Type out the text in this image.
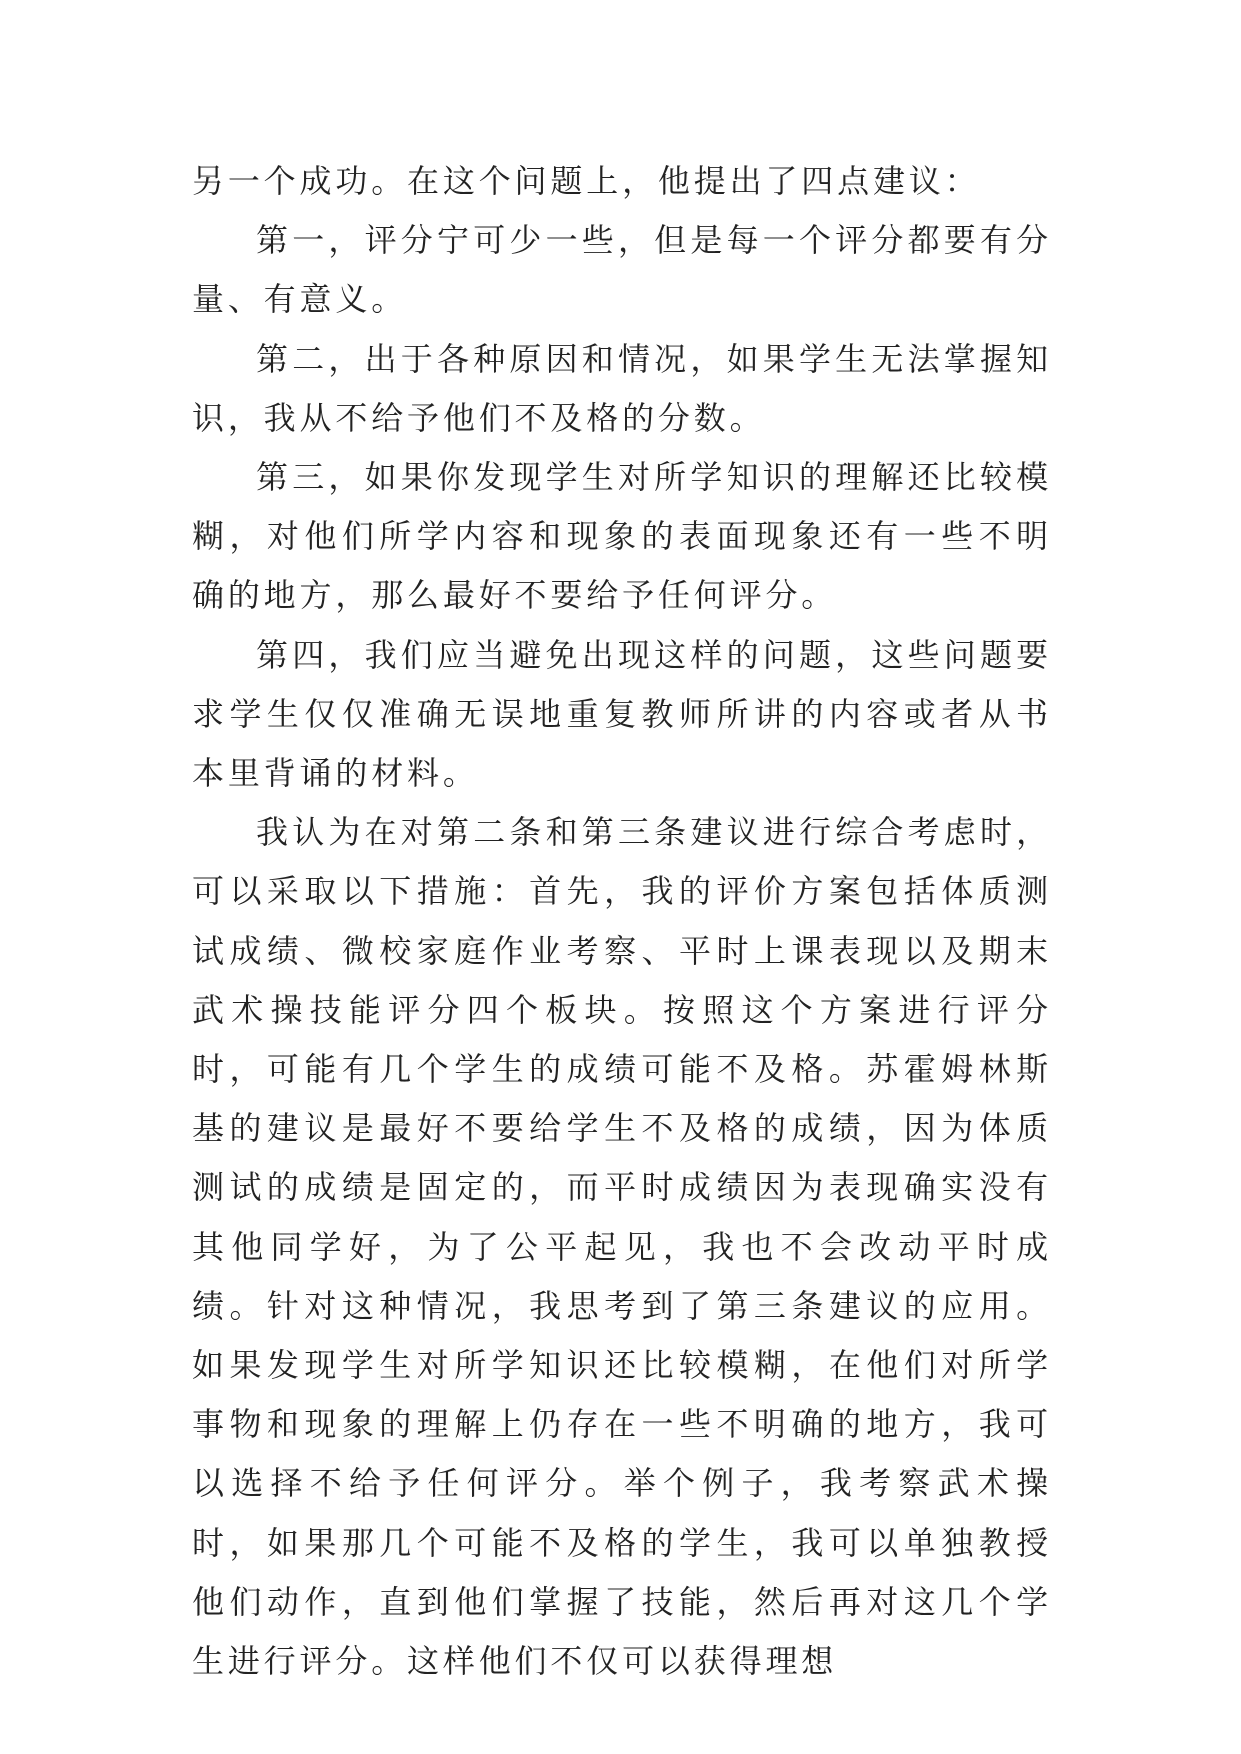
另一个成功。在这个问题上，他提出了四点建议：

第一，评分宁可少一些，但是每一个评分都要有分量、有意义。

第二，出于各种原因和情况，如果学生无法掌握知识，我从不给予他们不及格的分数。

第三，如果你发现学生对所学知识的理解还比较模糊，对他们所学内容和现象的表面现象还有一些不明确的地方，那么最好不要给予任何评分。

第四，我们应当避免出现这样的问题，这些问题要求学生仅仅准确无误地重复教师所讲的内容或者从书本里背诵的材料。

我认为在对第二条和第三条建议进行综合考虑时，可以采取以下措施：首先，我的评价方案包括体质测试成绩、微校家庭作业考察、平时上课表现以及期末武术操技能评分四个板块。按照这个方案进行评分时，可能有几个学生的成绩可能不及格。苏霍姆林斯基的建议是最好不要给学生不及格的成绩，因为体质测试的成绩是固定的，而平时成绩因为表现确实没有其他同学好，为了公平起见，我也不会改动平时成绩。针对这种情况，我思考到了第三条建议的应用。如果发现学生对所学知识还比较模糊，在他们对所学事物和现象的理解上仍存在一些不明确的地方，我可以选择不给予任何评分。举个例子，我考察武术操时，如果那几个可能不及格的学生，我可以单独教授他们动作，直到他们掌握了技能，然后再对这几个学生进行评分。这样他们不仅可以获得理想
